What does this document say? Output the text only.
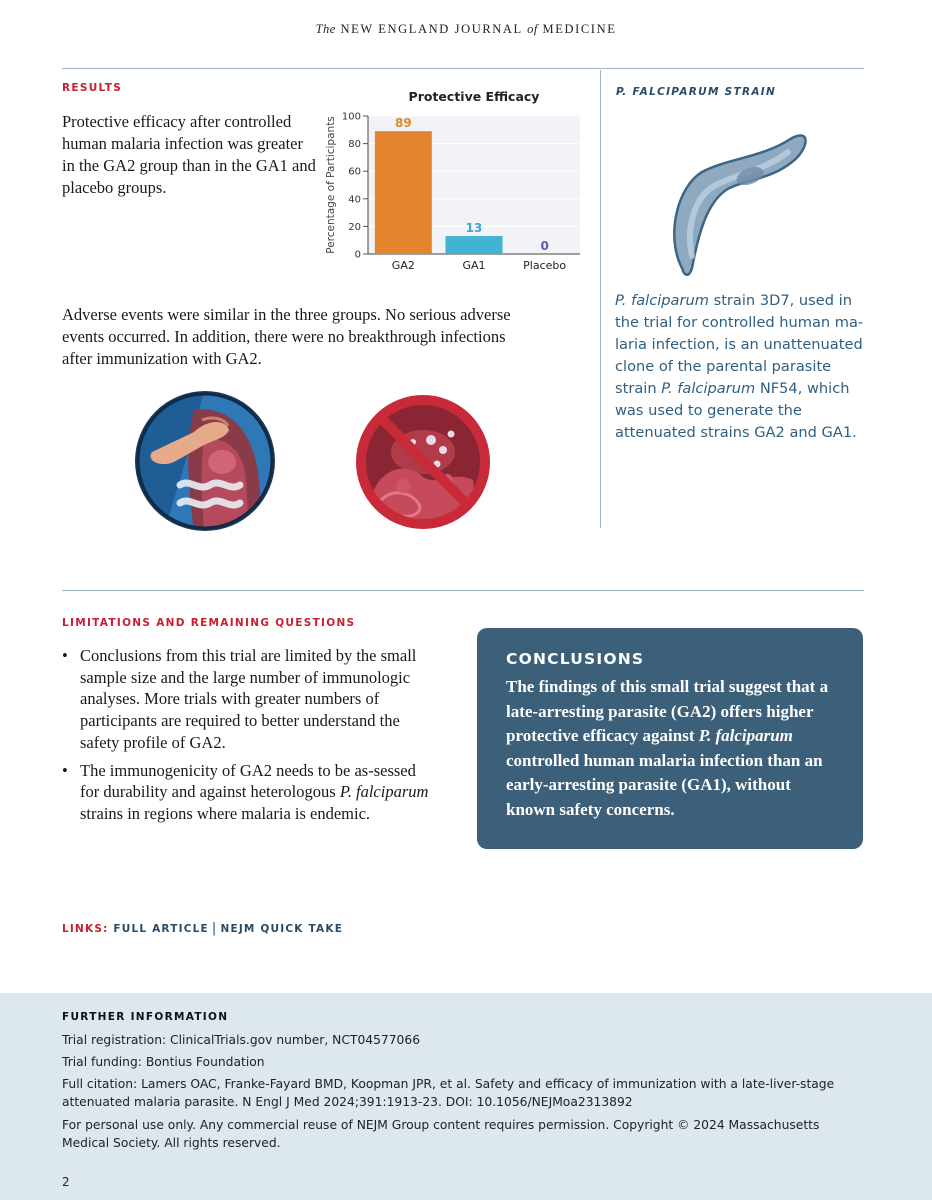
The NEW ENGLAND JOURNAL of MEDICINE
RESULTS
Protective efficacy after controlled human malaria infection was greater in the GA2 group than in the GA1 and placebo groups.
0
20
40
60
80
100	89
GA2
13
GA1
0
Placebo
Protective Efficacy
Percentage of Participants
Adverse events were similar in the three groups. No serious adverse events occurred. In addition, there were no breakthrough infections after immunization with GA2.
P. FALCIPARUM STRAIN
P. falciparum strain 3D7, used in the trial for controlled human ma-laria infection, is an unattenuated clone of the parental parasite strain P. falciparum NF54, which was used to generate the attenuated strains GA2 and GA1.
LIMITATIONS AND REMAINING QUESTIONS
• Conclusions from this trial are limited by the small sample size and the large number of immunologic analyses. More trials with greater numbers of participants are required to better understand the safety profile of GA2.
• The immunogenicity of GA2 needs to be as-sessed for durability and against heterologous P. falciparum strains in regions where malaria is endemic.
CONCLUSIONS
The findings of this small trial suggest that a late-arresting parasite (GA2) offers higher protective efficacy against P. falciparum controlled human malaria infection than an early-arresting parasite (GA1), without known safety concerns.
LINKS: FULL ARTICLE | NEJM QUICK TAKE
FURTHER INFORMATION
Trial registration: ClinicalTrials.gov number, NCT04577066
Trial funding: Bontius Foundation
Full citation: Lamers OAC, Franke-Fayard BMD, Koopman JPR, et al. Safety and efficacy of immunization with a late-liver-stage attenuated malaria parasite. N Engl J Med 2024;391:1913-23. DOI: 10.1056/NEJMoa2313892
For personal use only. Any commercial reuse of NEJM Group content requires permission. Copyright © 2024 Massachusetts Medical Society. All rights reserved.
2
